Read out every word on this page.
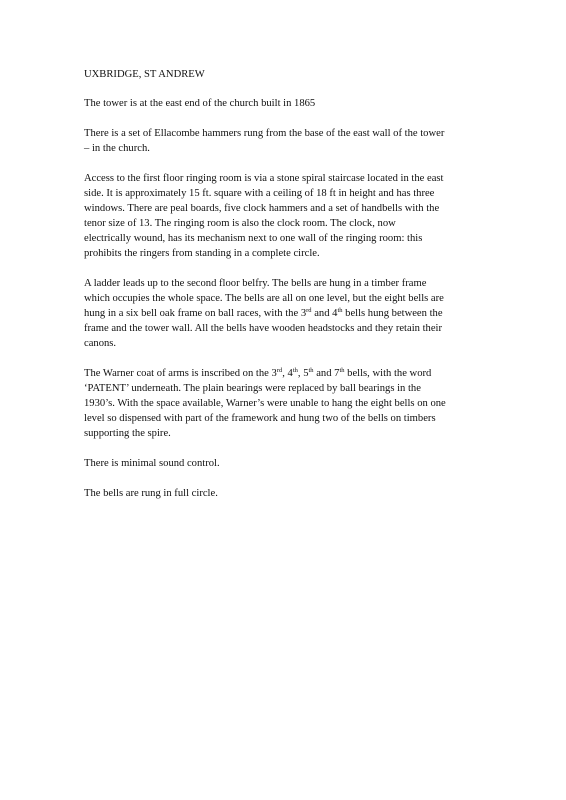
UXBRIDGE, ST ANDREW

The tower is at the east end of the church built in 1865

There is a set of Ellacombe hammers rung from the base of the east wall of the tower
– in the church.

Access to the first floor ringing room is via a stone spiral staircase located in the east
side. It is approximately 15 ft. square with a ceiling of 18 ft in height and has three
windows. There are peal boards, five clock hammers and a set of handbells with the
tenor size of 13. The ringing room is also the clock room. The clock, now
electrically wound, has its mechanism next to one wall of the ringing room: this
prohibits the ringers from standing in a complete circle.

A ladder leads up to the second floor belfry. The bells are hung in a timber frame
which occupies the whole space. The bells are all on one level, but the eight bells are
hung in a six bell oak frame on ball races, with the 3rd and 4th bells hung between the
frame and the tower wall. All the bells have wooden headstocks and they retain their
canons.

The Warner coat of arms is inscribed on the 3rd, 4th, 5th and 7th bells, with the word
‘PATENT’ underneath. The plain bearings were replaced by ball bearings in the
1930’s. With the space available, Warner’s were unable to hang the eight bells on one
level so dispensed with part of the framework and hung two of the bells on timbers
supporting the spire.

There is minimal sound control.

The bells are rung in full circle.
